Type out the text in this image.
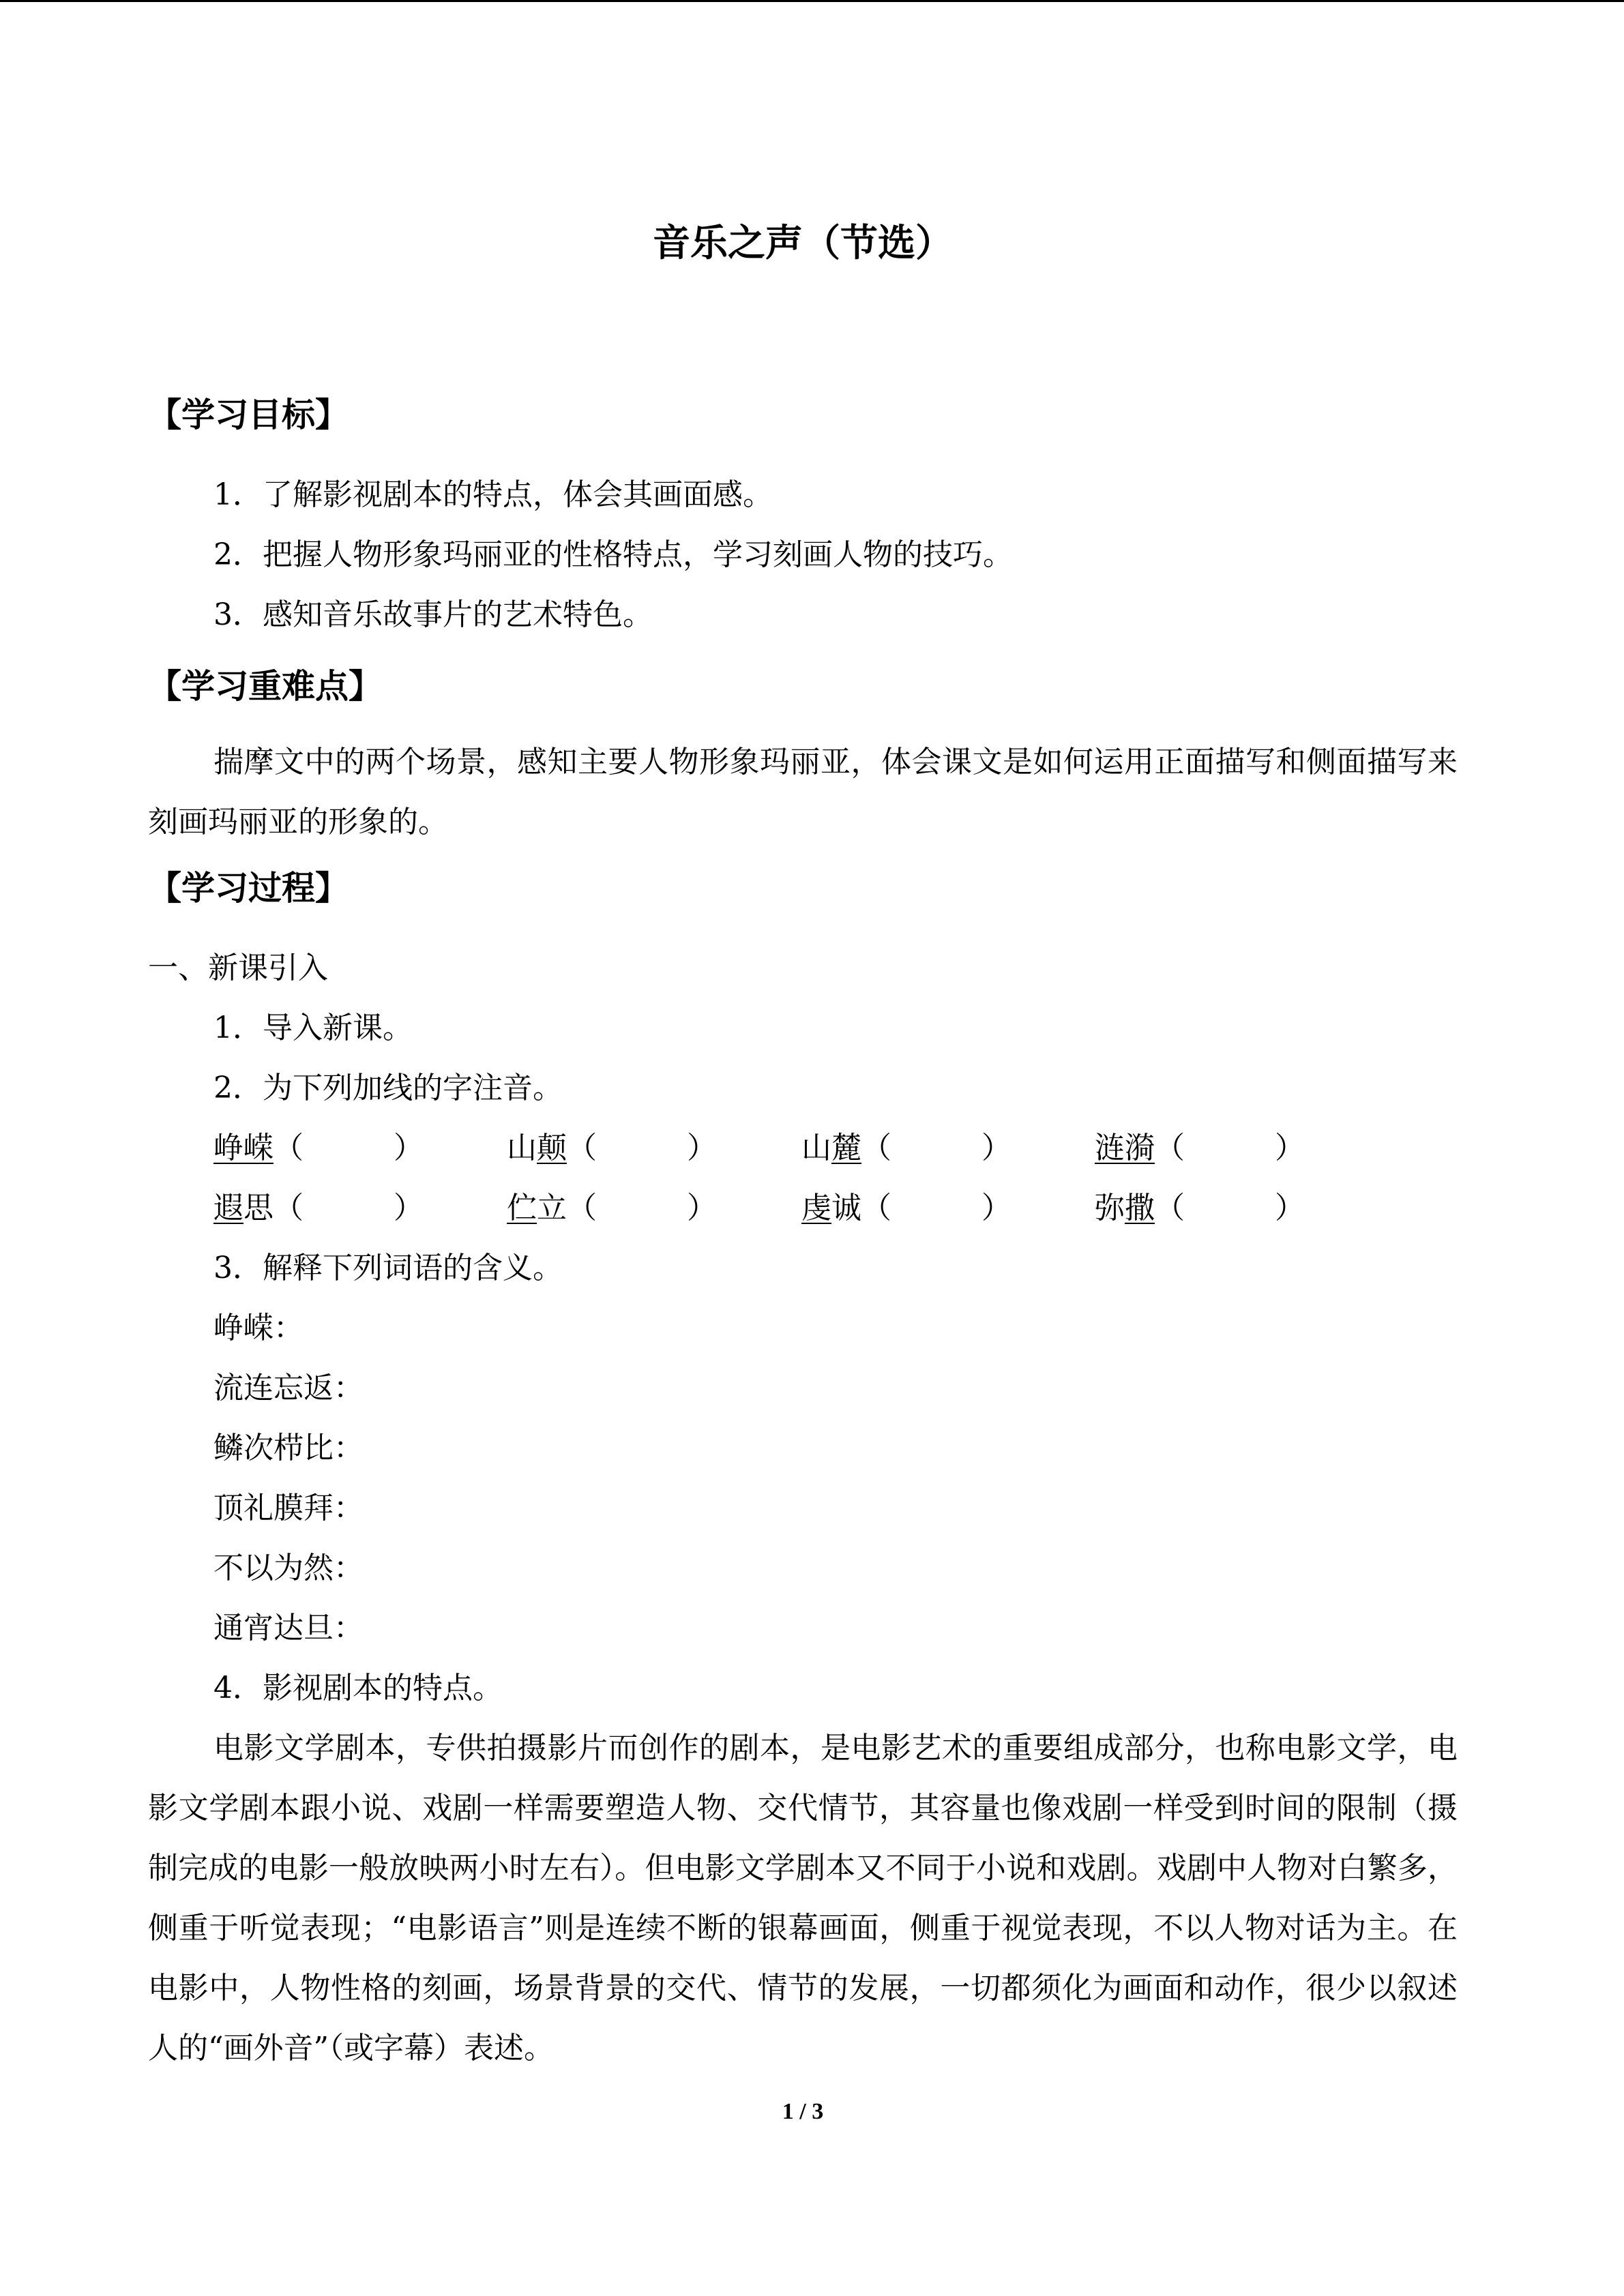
音乐之声（节选）
【学习目标】
1．了解影视剧本的特点，体会其画面感。
2．把握人物形象玛丽亚的性格特点，学习刻画人物的技巧。
3．感知音乐故事片的艺术特色。
【学习重难点】
揣摩文中的两个场景，感知主要人物形象玛丽亚，体会课文是如何运用正面描写和侧面描写来刻画玛丽亚的形象的。
【学习过程】
一、新课引入
1．导入新课。
2．为下列加线的字注音。
峥嵘（　　　）	山颠（　　　）	山麓（　　　）	涟漪（　　　）
遐思（　　　）	伫立（　　　）	虔诚（　　　）	弥撒（　　　）
3．解释下列词语的含义。
峥嵘：
流连忘返：
鳞次栉比：
顶礼膜拜：
不以为然：
通宵达旦：
4．影视剧本的特点。
电影文学剧本，专供拍摄影片而创作的剧本，是电影艺术的重要组成部分，也称电影文学，电影文学剧本跟小说、戏剧一样需要塑造人物、交代情节，其容量也像戏剧一样受到时间的限制（摄制完成的电影一般放映两小时左右）。但电影文学剧本又不同于小说和戏剧。戏剧中人物对白繁多，侧重于听觉表现；“电影语言”则是连续不断的银幕画面，侧重于视觉表现，不以人物对话为主。在电影中，人物性格的刻画，场景背景的交代、情节的发展，一切都须化为画面和动作，很少以叙述人的“画外音”（或字幕）表述。
1 / 3
